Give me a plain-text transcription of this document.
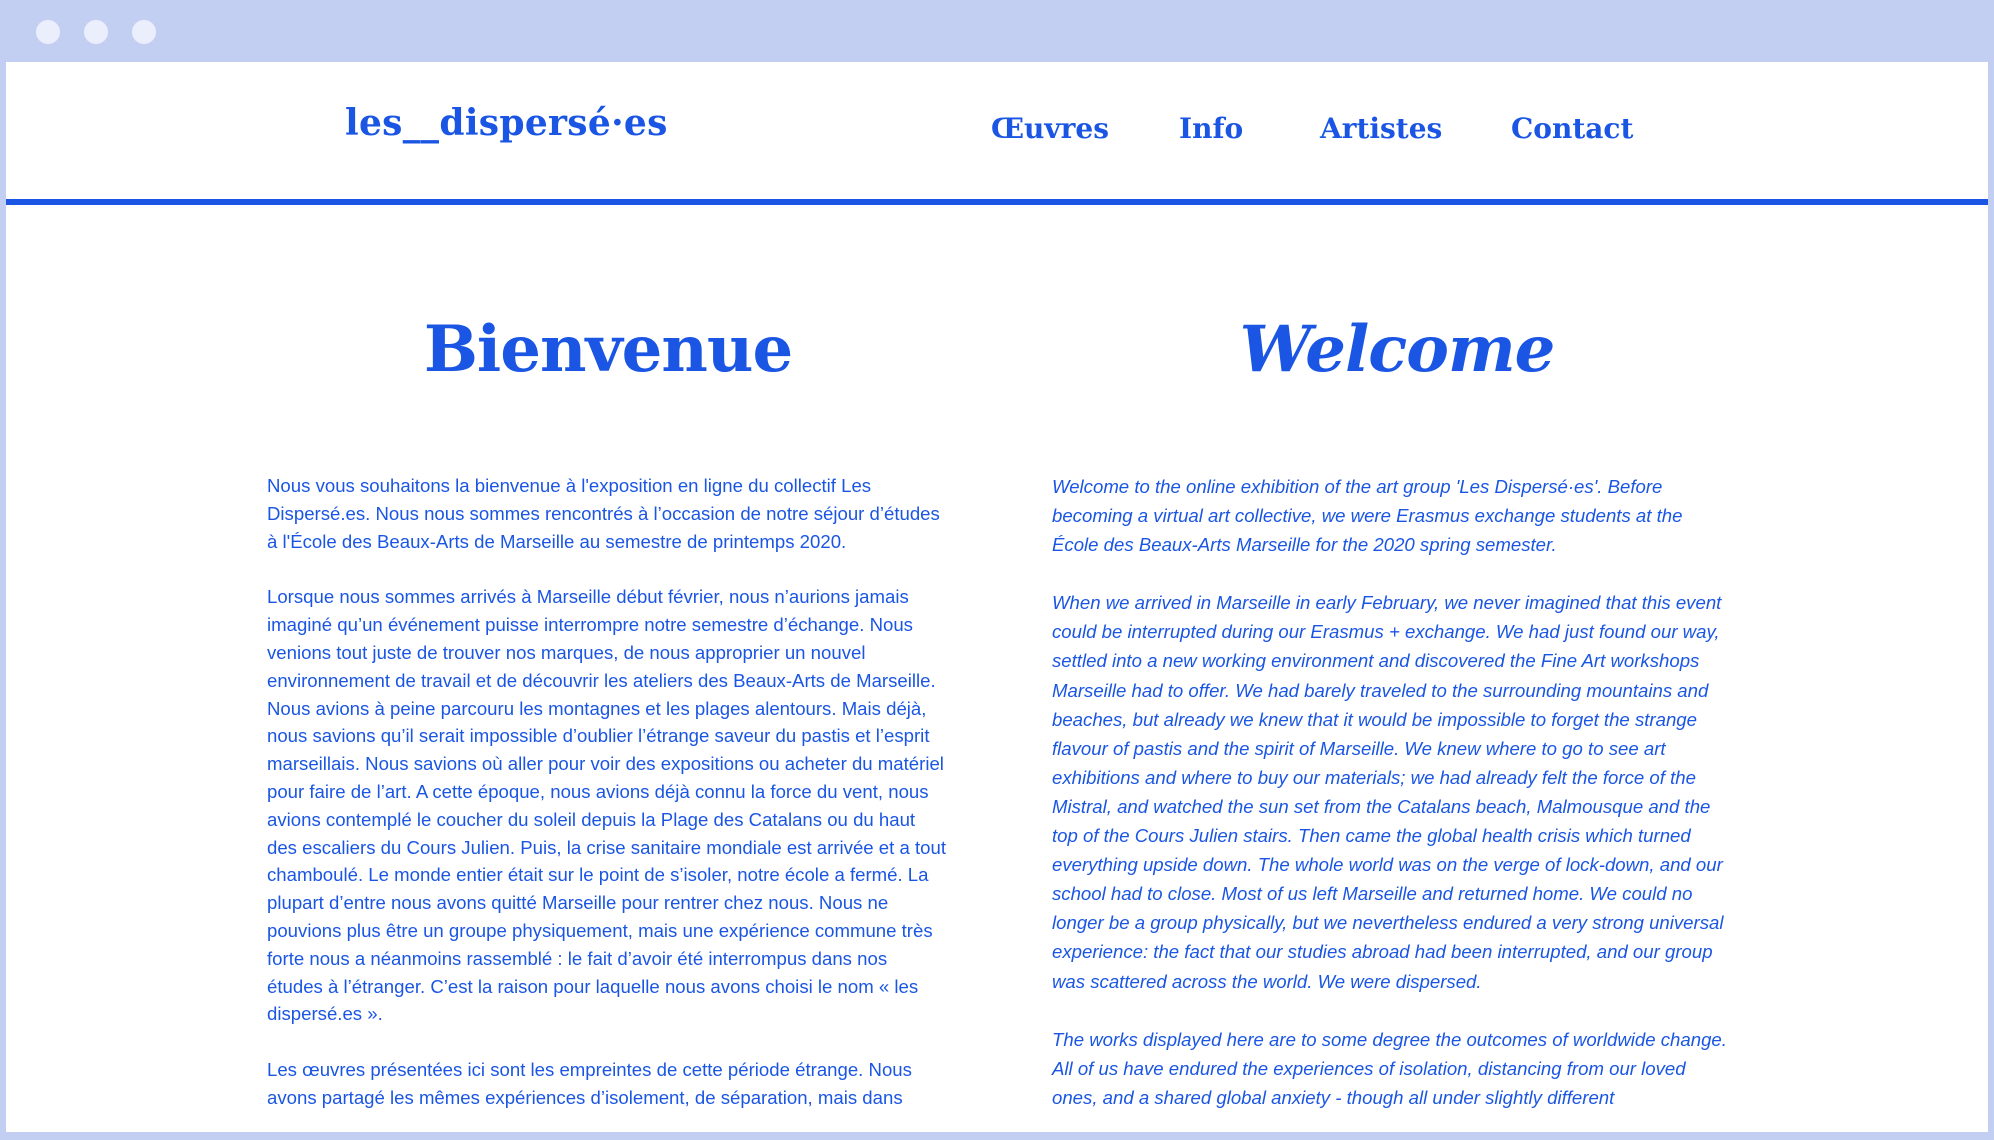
les__dispersé·es	Œuvres Info	Artistes Contact
Bienvenue	Welcome

Nous vous souhaitons la bienvenue à l'exposition en ligne du collectif Les Dispersé.es. Nous nous sommes rencontrés à l’occasion de notre séjour d’études à l'École des Beaux-Arts de Marseille au semestre de printemps 2020.

Lorsque nous sommes arrivés à Marseille début février, nous n’aurions jamais imaginé qu’un événement puisse interrompre notre semestre d’échange. Nous venions tout juste de trouver nos marques, de nous approprier un nouvel environnement de travail et de découvrir les ateliers des Beaux-Arts de Marseille. Nous avions à peine parcouru les montagnes et les plages alentours. Mais déjà, nous savions qu’il serait impossible d’oublier l’étrange saveur du pastis et l’esprit marseillais. Nous savions où aller pour voir des expositions ou acheter du matériel pour faire de l’art. A cette époque, nous avions déjà connu la force du vent, nous avions contemplé le coucher du soleil depuis la Plage des Catalans ou du haut des escaliers du Cours Julien. Puis, la crise sanitaire mondiale est arrivée et a tout chamboulé. Le monde entier était sur le point de s’isoler, notre école a fermé. La plupart d’entre nous avons quitté Marseille pour rentrer chez nous. Nous ne pouvions plus être un groupe physiquement, mais une expérience commune très forte nous a néanmoins rassemblé : le fait d’avoir été interrompus dans nos études à l’étranger. C’est la raison pour laquelle nous avons choisi le nom « les dispersé.es ».

Les œuvres présentées ici sont les empreintes de cette période étrange. Nous avons partagé les mêmes expériences d’isolement, de séparation, mais dans

Welcome to the online exhibition of the art group 'Les Dispersé·es'. Before becoming a virtual art collective, we were Erasmus exchange students at the École des Beaux-Arts Marseille for the 2020 spring semester.

When we arrived in Marseille in early February, we never imagined that this event could be interrupted during our Erasmus + exchange. We had just found our way, settled into a new working environment and discovered the Fine Art workshops Marseille had to offer. We had barely traveled to the surrounding mountains and beaches, but already we knew that it would be impossible to forget the strange flavour of pastis and the spirit of Marseille. We knew where to go to see art exhibitions and where to buy our materials; we had already felt the force of the Mistral, and watched the sun set from the Catalans beach, Malmousque and the top of the Cours Julien stairs. Then came the global health crisis which turned everything upside down. The whole world was on the verge of lock-down, and our school had to close. Most of us left Marseille and returned home. We could no longer be a group physically, but we nevertheless endured a very strong universal experience: the fact that our studies abroad had been interrupted, and our group was scattered across the world. We were dispersed.

The works displayed here are to some degree the outcomes of worldwide change. All of us have endured the experiences of isolation, distancing from our loved ones, and a shared global anxiety - though all under slightly different
